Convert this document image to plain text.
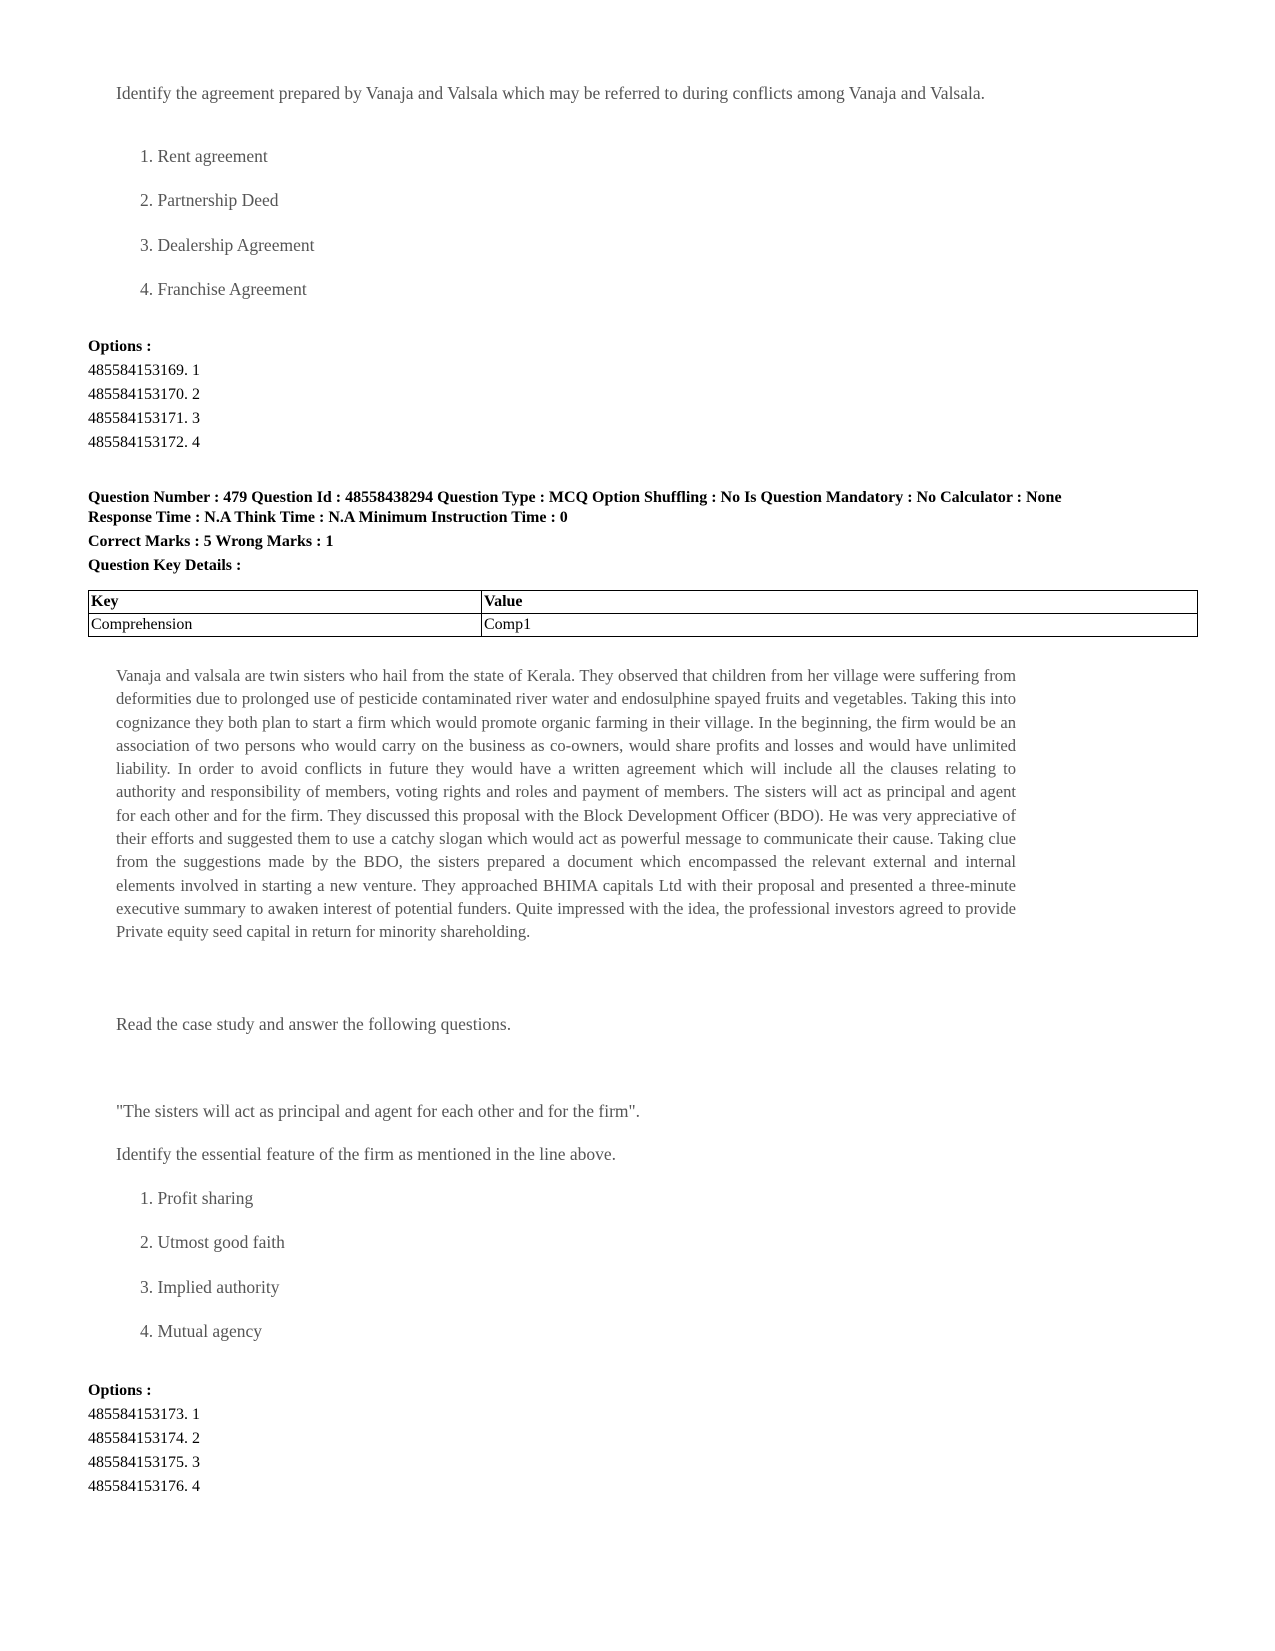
Identify the agreement prepared by Vanaja and Valsala which may be referred to during conflicts among Vanaja and Valsala.
1. Rent agreement
2. Partnership Deed
3. Dealership Agreement
4. Franchise Agreement
Options :
485584153169. 1
485584153170. 2
485584153171. 3
485584153172. 4
Question Number : 479 Question Id : 48558438294 Question Type : MCQ Option Shuffling : No Is Question Mandatory : No Calculator : None
Response Time : N.A Think Time : N.A Minimum Instruction Time : 0
Correct Marks : 5 Wrong Marks : 1
Question Key Details :
Key	Value
Comprehension	Comp1
Vanaja and valsala are twin sisters who hail from the state of Kerala. They observed that children from her village were suffering from deformities due to prolonged use of pesticide contaminated river water and endosulphine spayed fruits and vegetables. Taking this into cognizance they both plan to start a firm which would promote organic farming in their village. In the beginning, the firm would be an association of two persons who would carry on the business as co-owners, would share profits and losses and would have unlimited liability. In order to avoid conflicts in future they would have a written agreement which will include all the clauses relating to authority and responsibility of members, voting rights and roles and payment of members. The sisters will act as principal and agent for each other and for the firm. They discussed this proposal with the Block Development Officer (BDO). He was very appreciative of their efforts and suggested them to use a catchy slogan which would act as powerful message to communicate their cause. Taking clue from the suggestions made by the BDO, the sisters prepared a document which encompassed the relevant external and internal elements involved in starting a new venture. They approached BHIMA capitals Ltd with their proposal and presented a three-minute executive summary to awaken interest of potential funders. Quite impressed with the idea, the professional investors agreed to provide Private equity seed capital in return for minority shareholding.
Read the case study and answer the following questions.
"The sisters will act as principal and agent for each other and for the firm".
Identify the essential feature of the firm as mentioned in the line above.
1. Profit sharing
2. Utmost good faith
3. Implied authority
4. Mutual agency
Options :
485584153173. 1
485584153174. 2
485584153175. 3
485584153176. 4
